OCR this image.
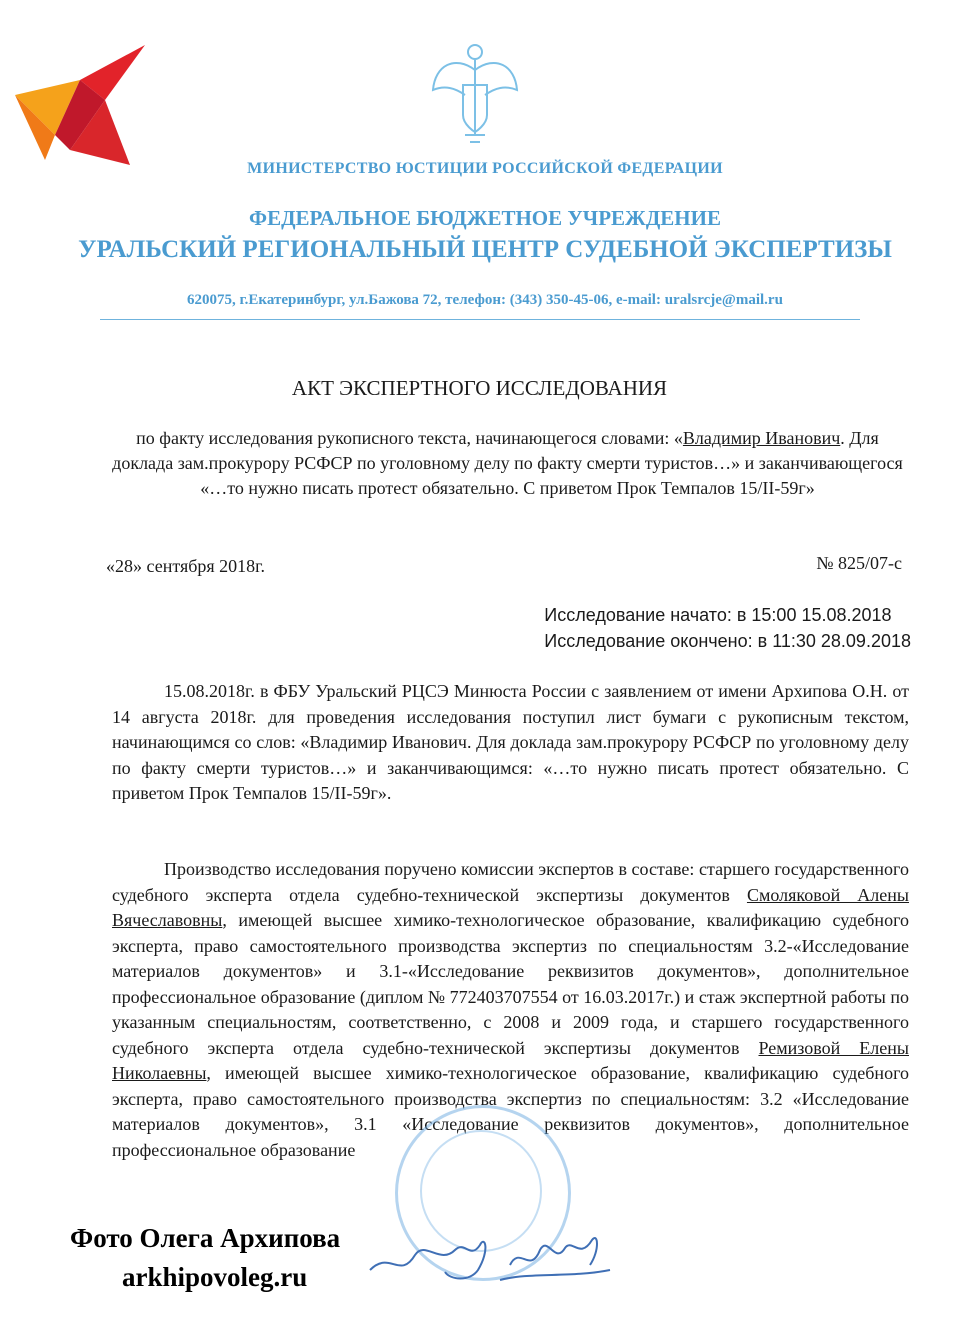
МИНИСТЕРСТВО ЮСТИЦИИ РОССИЙСКОЙ ФЕДЕРАЦИИ
ФЕДЕРАЛЬНОЕ БЮДЖЕТНОЕ УЧРЕЖДЕНИЕ
УРАЛЬСКИЙ РЕГИОНАЛЬНЫЙ ЦЕНТР СУДЕБНОЙ ЭКСПЕРТИЗЫ
620075, г.Екатеринбург, ул.Бажова 72, телефон: (343) 350-45-06, e-mail: uralsrcje@mail.ru
АКТ ЭКСПЕРТНОГО ИССЛЕДОВАНИЯ
по факту исследования рукописного текста, начинающегося словами: «Владимир Иванович. Для доклада зам.прокурору РСФСР по уголовному делу по факту смерти туристов…» и заканчивающегося «…то нужно писать протест обязательно. С приветом Прок Темпалов 15/II-59г»
«28» сентября 2018г.	№ 825/07-с
Исследование начато: в 15:00 15.08.2018
Исследование окончено: в 11:30 28.09.2018
15.08.2018г. в ФБУ Уральский РЦСЭ Минюста России с заявлением от имени Архипова О.Н. от 14 августа 2018г. для проведения исследования поступил лист бумаги с рукописным текстом, начинающимся со слов: «Владимир Иванович. Для доклада зам.прокурору РСФСР по уголовному делу по факту смерти туристов…» и заканчивающимся: «…то нужно писать протест обязательно. С приветом Прок Темпалов 15/II-59г».
Производство исследования поручено комиссии экспертов в составе: старшего государственного судебного эксперта отдела судебно-технической экспертизы документов Смоляковой Алены Вячеславовны, имеющей высшее химико-технологическое образование, квалификацию судебного эксперта, право самостоятельного производства экспертиз по специальностям 3.2-«Исследование материалов документов» и 3.1-«Исследование реквизитов документов», дополнительное профессиональное образование (диплом № 772403707554 от 16.03.2017г.) и стаж экспертной работы по указанным специальностям, соответственно, с 2008 и 2009 года, и старшего государственного судебного эксперта отдела судебно-технической экспертизы документов Ремизовой Елены Николаевны, имеющей высшее химико-технологическое образование, квалификацию судебного эксперта, право самостоятельного производства экспертиз по специальностям: 3.2 «Исследование материалов документов», 3.1 «Исследование реквизитов документов», дополнительное профессиональное образование
Фото Олега Архипова
arkhipovoleg.ru
